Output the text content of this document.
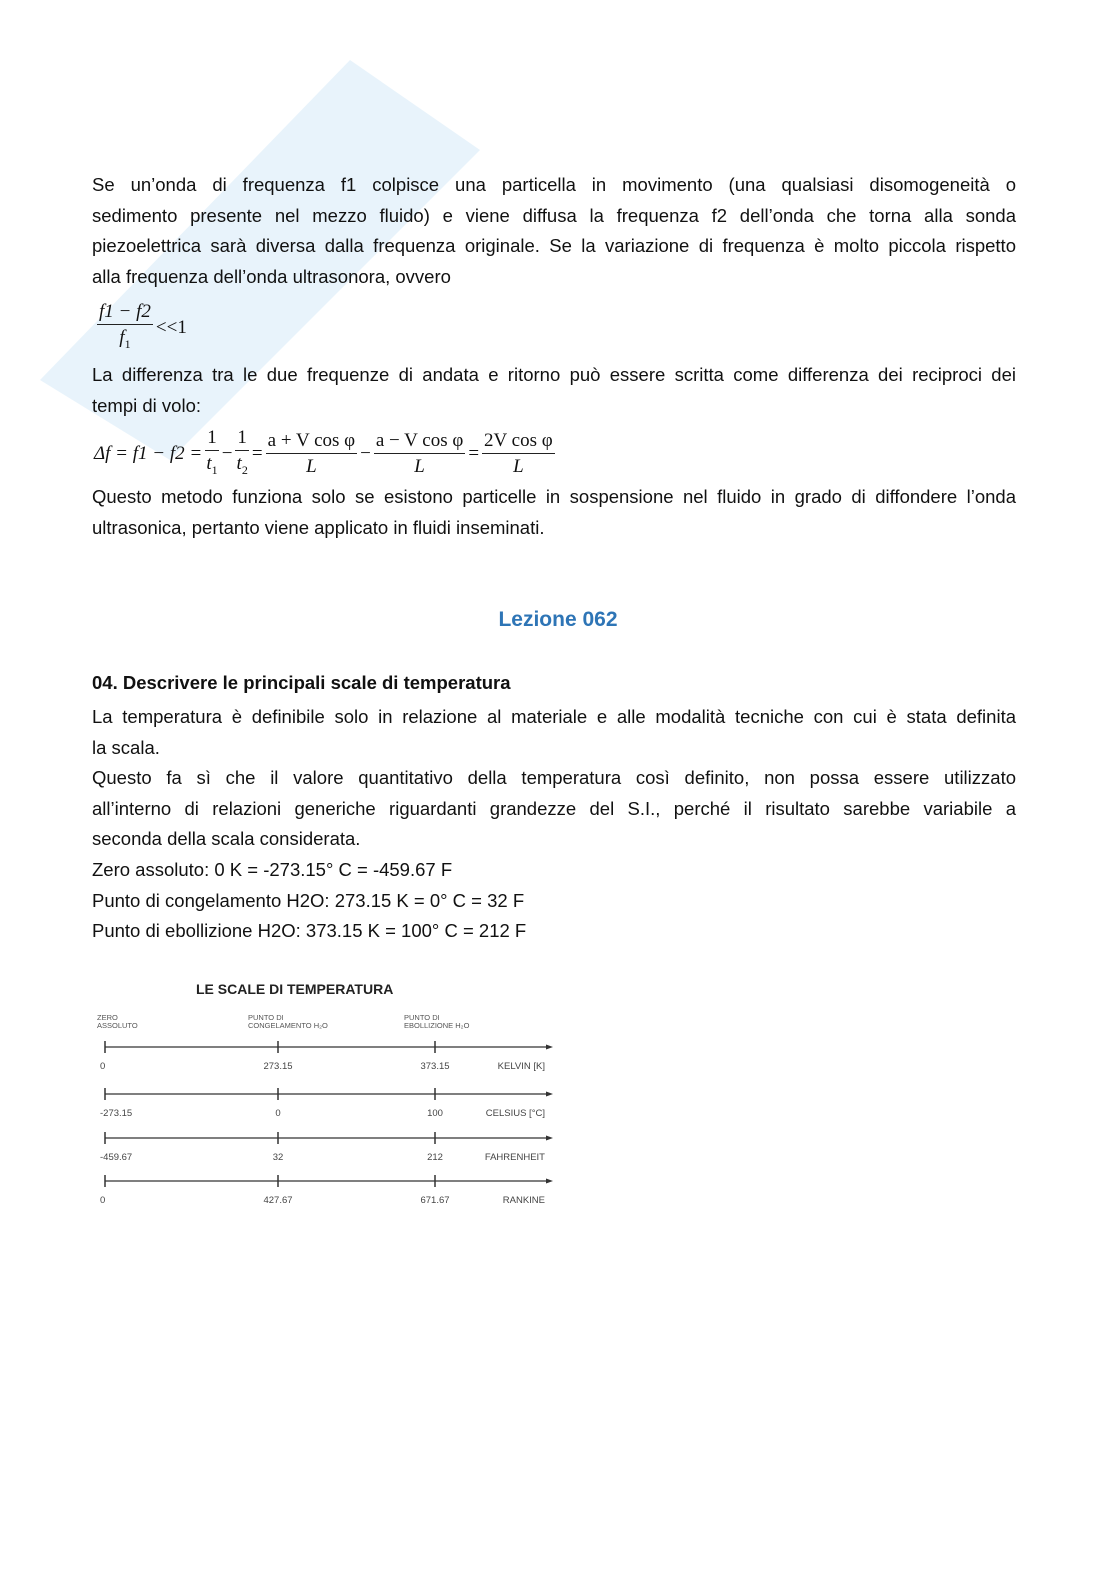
Se un’onda di frequenza f1 colpisce una particella in movimento (una qualsiasi disomogeneità o
sedimento presente nel mezzo fluido) e viene diffusa la frequenza f2 dell’onda che torna alla sonda
piezoelettrica sarà diversa dalla frequenza originale. Se la variazione di frequenza è molto piccola rispetto
alla frequenza dell’onda ultrasonora, ovvero
$\frac{f1 - f2}{f_1} <<1$
La differenza tra le due frequenze di andata e ritorno può essere scritta come differenza dei reciproci dei
tempi di volo:
$\Delta f = f1 - f2 = \frac{1}{t_1} - \frac{1}{t_2} = \frac{\text{a + V cos φ}}{L} - \frac{\text{a − V cos φ}}{L} = \frac{\text{2V cos φ}}{L}$
Questo metodo funziona solo se esistono particelle in sospensione nel fluido in grado di diffondere l’onda
ultrasonica, pertanto viene applicato in fluidi inseminati.
Lezione 062
04. Descrivere le principali scale di temperatura
La temperatura è definibile solo in relazione al materiale e alle modalità tecniche con cui è stata definita
la scala.
Questo fa sì che il valore quantitativo della temperatura così definito, non possa essere utilizzato
all’interno di relazioni generiche riguardanti grandezze del S.I., perché il risultato sarebbe variabile a
seconda della scala considerata.
Zero assoluto: 0 K = -273.15° C = -459.67 F
Punto di congelamento H2O: 273.15 K = 0° C = 32 F
Punto di ebollizione H2O: 373.15 K = 100° C = 212 F
LE SCALE DI TEMPERATURA
ZERO
ASSOLUTO
PUNTO DI
CONGELAMENTO H₂O
PUNTO DI
EBOLLIZIONE H₂O
0	273.15	373.15	KELVIN [K]
-273.15	0	100	CELSIUS [°C]
-459.67	32	212	FAHRENHEIT
0	427.67	671.67	RANKINE
